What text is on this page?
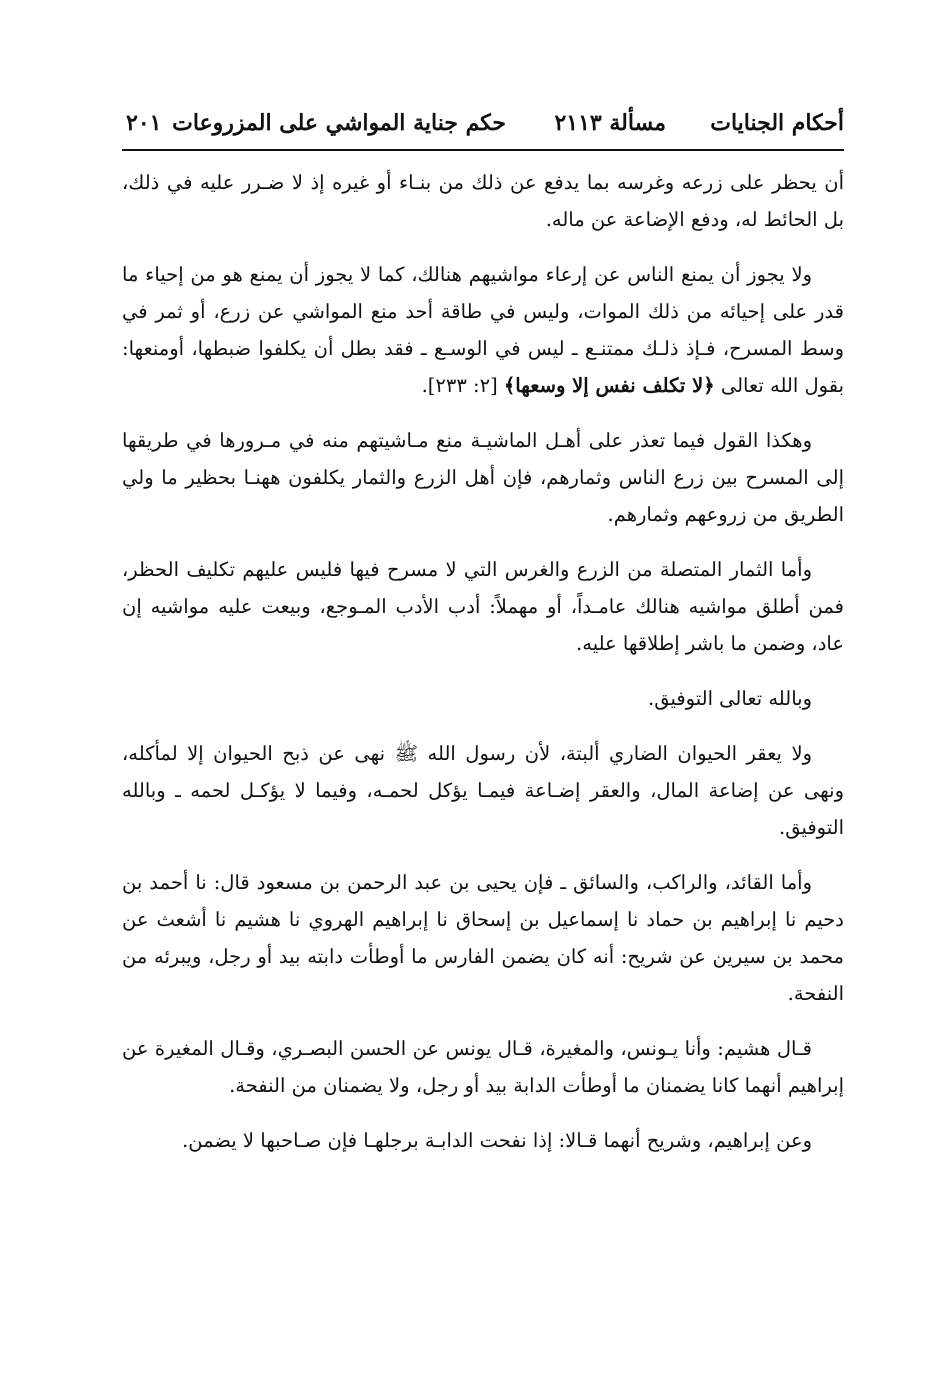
أحكام الجنايات
مسألة ٢١١٣
حكم جناية المواشي على المزروعات
٢٠١

أن يحظر على زرعه وغرسه بما يدفع عن ذلك من بنـاء أو غيره إذ لا ضـرر عليه في ذلك، بل الحائط له، ودفع الإضاعة عن ماله.

ولا يجوز أن يمنع الناس عن إرعاء مواشيهم هنالك، كما لا يجوز أن يمنع هو من إحياء ما قدر على إحيائه من ذلك الموات، وليس في طاقة أحد منع المواشي عن زرع، أو ثمر في وسط المسرح، فـإذ ذلـك ممتنـع ـ ليس في الوسـع ـ فقد بطل أن يكلفوا ضبطها، أومنعها: بقول الله تعالى ﴿لا تكلف نفس إلا وسعها﴾ [٢: ٢٣٣].

وهكذا القول فيما تعذر على أهـل الماشيـة منع مـاشيتهم منه في مـرورها في طريقها إلى المسرح بين زرع الناس وثمارهم، فإن أهل الزرع والثمار يكلفون ههنـا بحظير ما ولي الطريق من زروعهم وثمارهم.

وأما الثمار المتصلة من الزرع والغرس التي لا مسرح فيها فليس عليهم تكليف الحظر، فمن أطلق مواشيه هنالك عامـداً، أو مهملاً: أدب الأدب المـوجع، وبيعت عليه مواشيه إن عاد، وضمن ما باشر إطلاقها عليه.

وبالله تعالى التوفيق.

ولا يعقر الحيوان الضاري ألبتة، لأن رسول الله ﷺ نهى عن ذبح الحيوان إلا لمأكله، ونهى عن إضاعة المال، والعقر إضـاعة فيمـا يؤكل لحمـه، وفيما لا يؤكـل لحمه ـ وبالله التوفيق.

وأما القائد، والراكب، والسائق ـ فإن يحيى بن عبد الرحمن بن مسعود قال: نا أحمد بن دحيم نا إبراهيم بن حماد نا إسماعيل بن إسحاق نا إبراهيم الهروي نا هشيم نا أشعث عن محمد بن سيرين عن شريح: أنه كان يضمن الفارس ما أوطأت دابته بيد أو رجل، ويبرئه من النفحة.

قـال هشيم: وأنا يـونس، والمغيرة، قـال يونس عن الحسن البصـري، وقـال المغيرة عن إبراهيم أنهما كانا يضمنان ما أوطأت الدابة بيد أو رجل، ولا يضمنان من النفحة.

وعن إبراهيم، وشريح أنهما قـالا: إذا نفحت الدابـة برجلهـا فإن صـاحبها لا يضمن.
